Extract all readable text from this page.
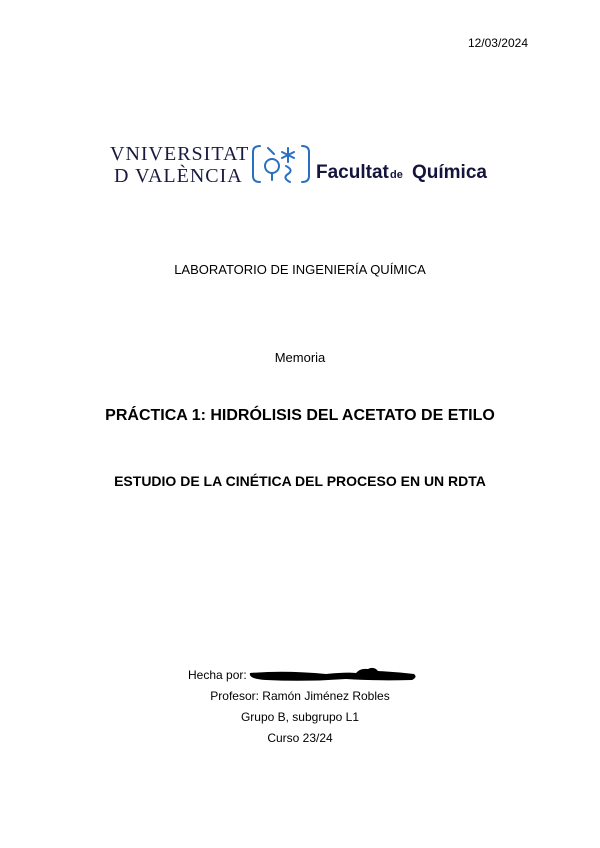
12/03/2024
VNIVERSITAT
D VALÈNCIA	Facultat de Química
LABORATORIO DE INGENIERÍA QUÍMICA
Memoria
PRÁCTICA 1: HIDRÓLISIS DEL ACETATO DE ETILO
ESTUDIO DE LA CINÉTICA DEL PROCESO EN UN RDTA
Hecha por:
Profesor: Ramón Jiménez Robles
Grupo B, subgrupo L1
Curso 23/24
